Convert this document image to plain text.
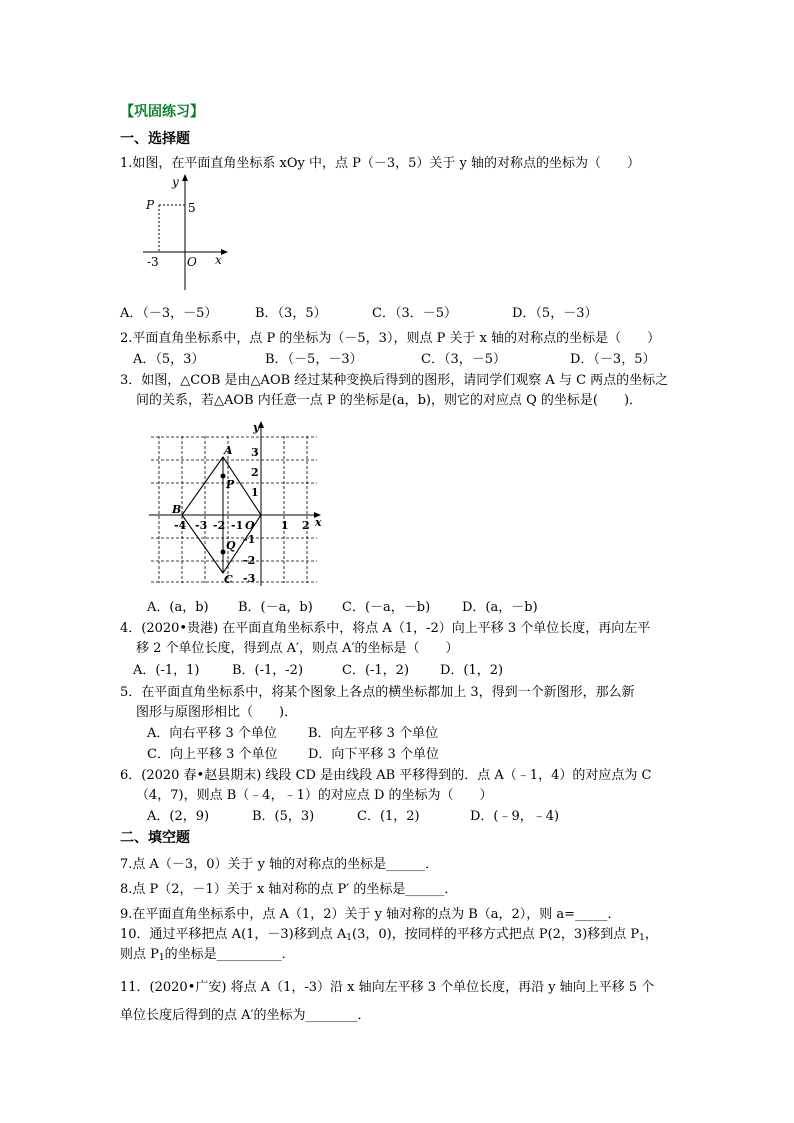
【巩固练习】
一、选择题
1.如图，在平面直角坐标系 xOy 中，点 P（－3，5）关于 y 轴的对称点的坐标为（　　）
y
x
O
P	5
-3
A．（－3，－5）	B．（3，5）	C．（3．－5）	D．（5，－3）
2.平面直角坐标系中，点 P 的坐标为（－5，3），则点 P 关于 x 轴的对称点的坐标是（　　）
A．（5，3）	B．（－5，－3）	C．（3，－5）	D．（－3，5）
3．如图，△COB 是由△AOB 经过某种变换后得到的图形，请同学们观察 A 与 C 两点的坐标之
间的关系，若△AOB 内任意一点 P 的坐标是(a，b)，则它的对应点 Q 的坐标是(　　)．
y
x
O
A
B
C
P
Q
-4 -3 -2 -1	1 2
3
2
1
-1
-2
-3
A．(a，b) B．(－a，b) C．(－a，－b) D．(a，－b)
4．(2020•贵港) 在平面直角坐标系中，将点 A（1，-2）向上平移 3 个单位长度，再向左平
移 2 个单位长度，得到点 A′，则点 A′的坐标是（　　）
A．(-1，1)	B．(-1，-2)	C．(-1，2) D．(1，2)
5．在平面直角坐标系中，将某个图象上各点的横坐标都加上 3，得到一个新图形，那么新
图形与原图形相比（　　)．
A．向右平移 3 个单位 B．向左平移 3 个单位
C．向上平移 3 个单位 D．向下平移 3 个单位
6．(2020 春•赵县期末) 线段 CD 是由线段 AB 平移得到的．点 A（﹣1，4）的对应点为 C
（4，7)，则点 B（﹣4，﹣1）的对应点 D 的坐标为（　　）
A．(2，9)	B．(5，3)	C．(1，2)	D．(﹣9，﹣4)
二、填空题
7.点 A（－3，0）关于 y 轴的对称点的坐标是______．
8.点 P（2，－1）关于 x 轴对称的点 P′ 的坐标是______．
9.在平面直角坐标系中，点 A（1，2）关于 y 轴对称的点为 B（a，2），则 a=_____．
10．通过平移把点 A(1，－3)移到点 $A_1(3$，0)，按同样的平移方式把点 P(2，3)移到点 $P_1$，
则点 $P_1$的坐标是__________．
11．(2020•广安) 将点 A（1，-3）沿 x 轴向左平移 3 个单位长度，再沿 y 轴向上平移 5 个
单位长度后得到的点 A′的坐标为________．
